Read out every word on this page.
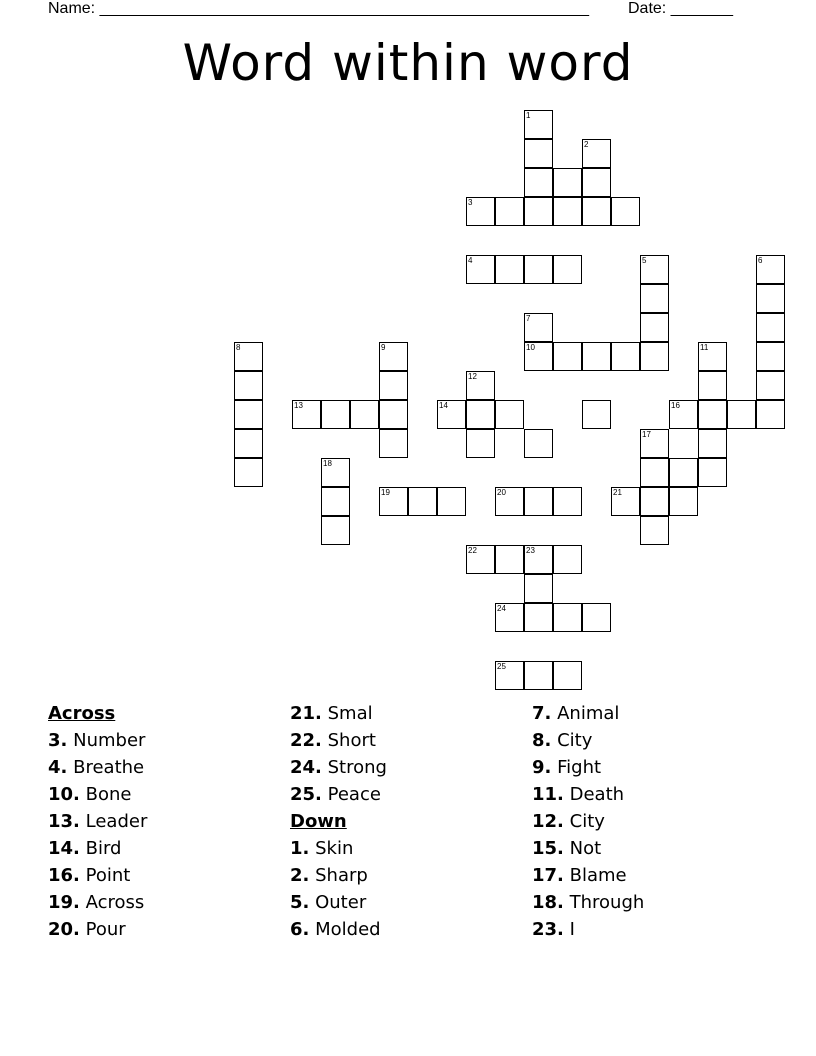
Name: _______________________________________________________ Date: _______
Word within word
2
1
3
4	5	6
7
10	11
8	9
12
13	14	16
17
18
19	20	21
22	23
24
25
Across
3. Number
4. Breathe
10. Bone
13. Leader
14. Bird
16. Point
19. Across
20. Pour
21. Smal
22. Short
24. Strong
25. Peace
Down
1. Skin
2. Sharp
5. Outer
6. Molded
7. Animal
8. City
9. Fight
11. Death
12. City
15. Not
17. Blame
18. Through
23. I
